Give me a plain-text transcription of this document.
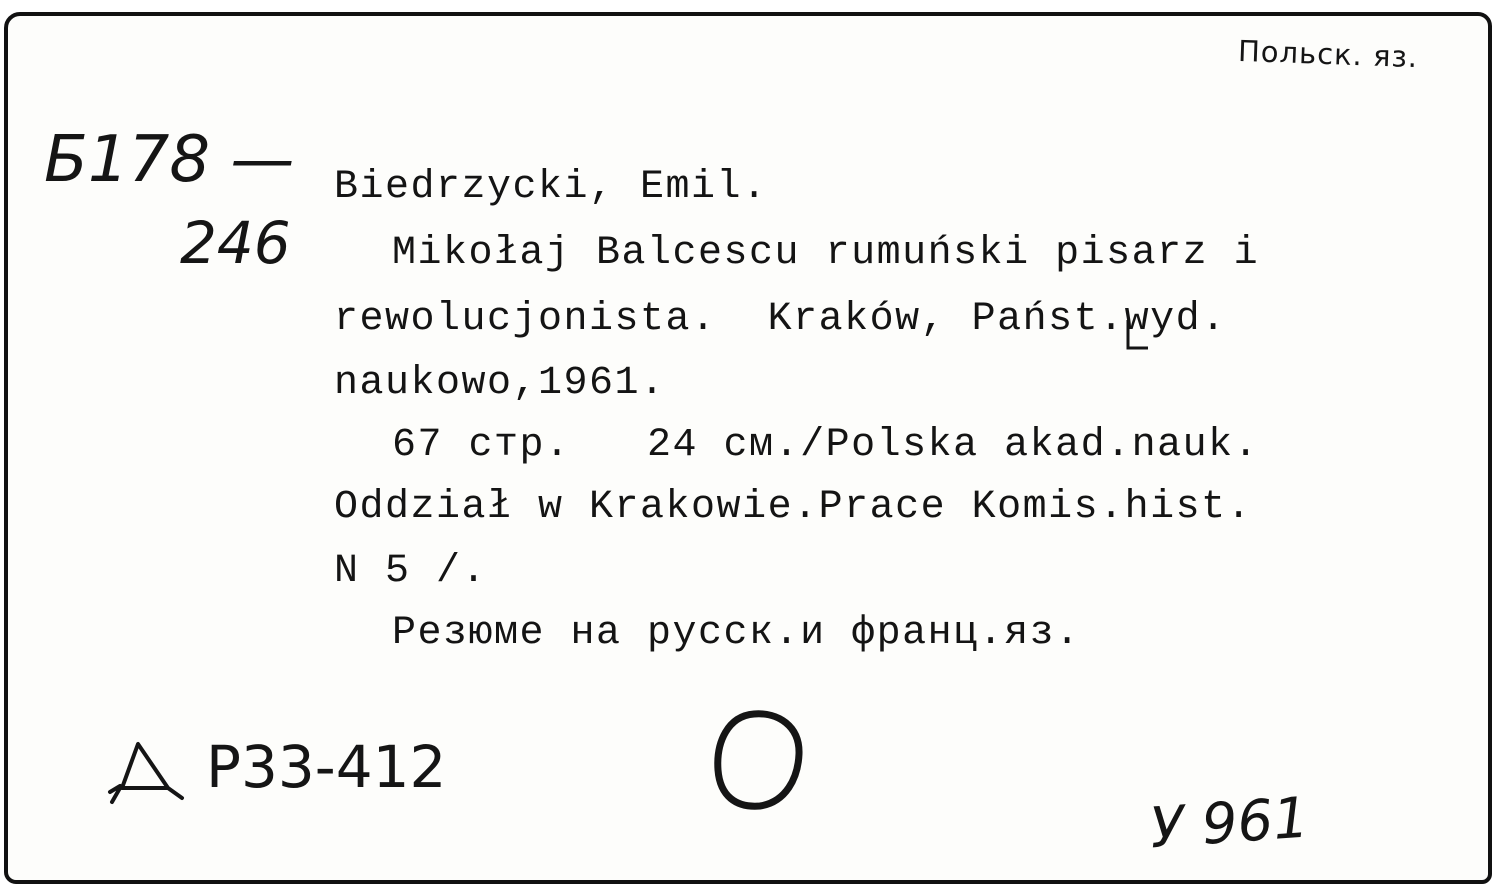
Польск. яз.
Б178 —
246
Biedrzycki, Emil.
Mikołaj Balcescu rumuński pisarz i
rewolucjonista.  Kraków, Państ.wyd.
naukowo,1961.
67 стр.   24 см./Polska akad.nauk.
Oddział w Krakowie.Prace Komis.hist.
N 5 /.
Резюме на русск.и франц.яз.
Р33-412
У 961
